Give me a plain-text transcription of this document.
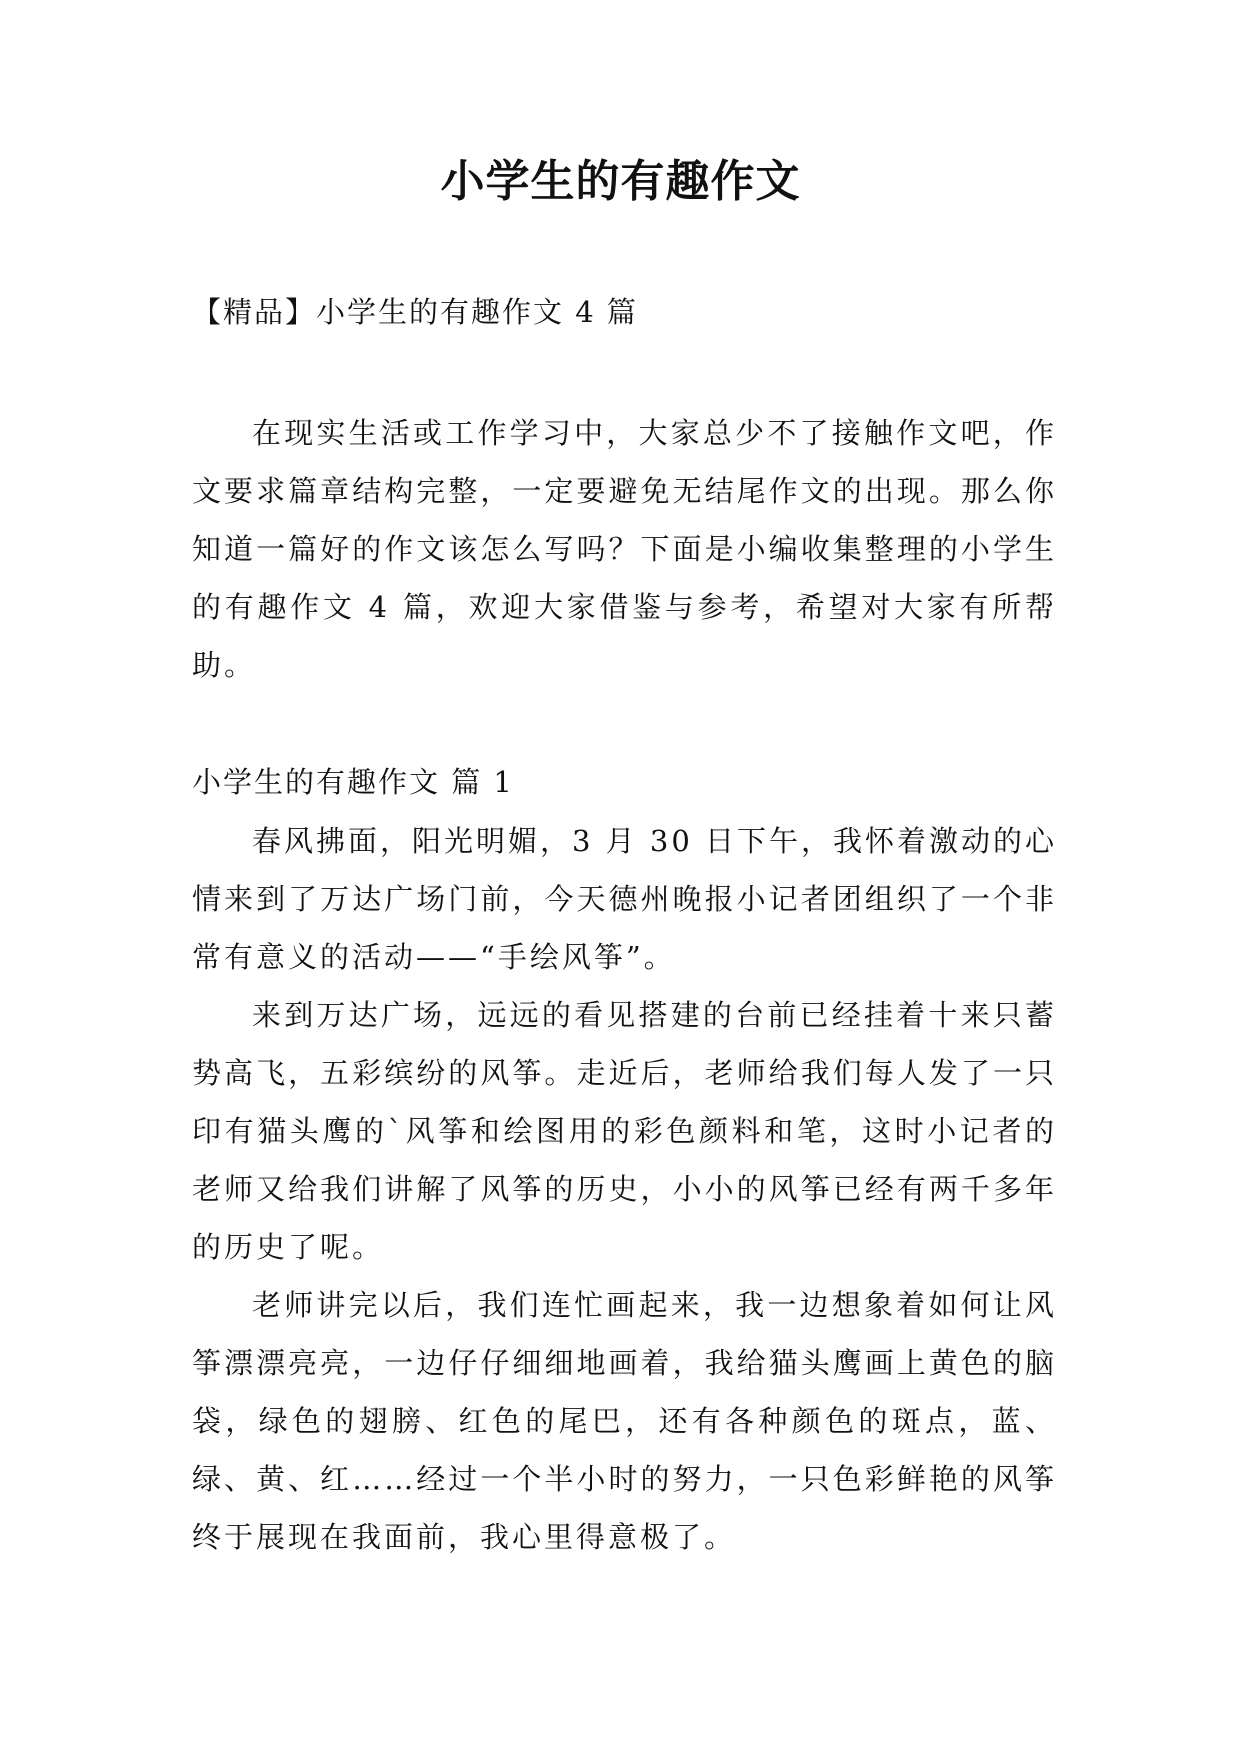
小学生的有趣作文
【精品】小学生的有趣作文 4 篇

在现实生活或工作学习中，大家总少不了接触作文吧，作文要求篇章结构完整，一定要避免无结尾作文的出现。那么你知道一篇好的作文该怎么写吗？下面是小编收集整理的小学生的有趣作文 4 篇，欢迎大家借鉴与参考，希望对大家有所帮助。

小学生的有趣作文 篇 1

春风拂面，阳光明媚，3 月 30 日下午，我怀着激动的心情来到了万达广场门前，今天德州晚报小记者团组织了一个非常有意义的活动——“手绘风筝”。

来到万达广场，远远的看见搭建的台前已经挂着十来只蓄势高飞，五彩缤纷的风筝。走近后，老师给我们每人发了一只印有猫头鹰的`风筝和绘图用的彩色颜料和笔，这时小记者的老师又给我们讲解了风筝的历史，小小的风筝已经有两千多年的历史了呢。

老师讲完以后，我们连忙画起来，我一边想象着如何让风筝漂漂亮亮，一边仔仔细细地画着，我给猫头鹰画上黄色的脑袋，绿色的翅膀、红色的尾巴，还有各种颜色的斑点，蓝、绿、黄、红……经过一个半小时的努力，一只色彩鲜艳的风筝终于展现在我面前，我心里得意极了。
